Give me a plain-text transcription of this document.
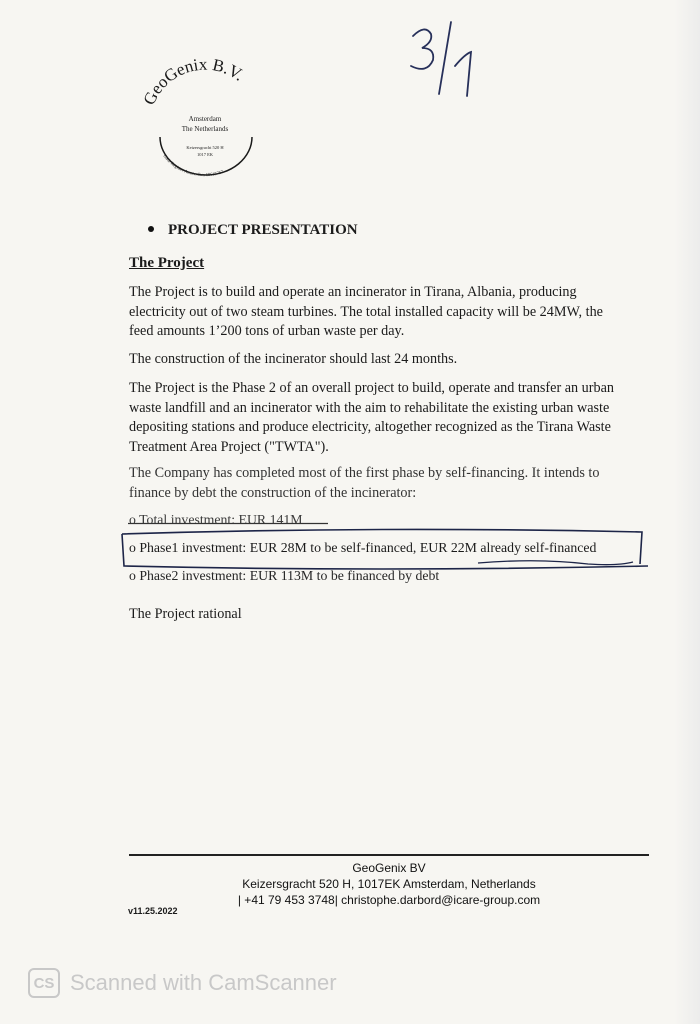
GeoGenix B.V.
Amsterdam
The Netherlands
Keizersgracht 520 H
1017 EK
Trade Register Amsterdam 68615757
PROJECT PRESENTATION
The Project
The Project is to build and operate an incinerator in Tirana, Albania, producing electricity out of two steam turbines. The total installed capacity will be 24MW, the feed amounts 1’200 tons of urban waste per day.
The construction of the incinerator should last 24 months.
The Project is the Phase 2 of an overall project to build, operate and transfer an urban waste landfill and an incinerator with the aim to rehabilitate the existing urban waste depositing stations and produce electricity, altogether recognized as the Tirana Waste Treatment Area Project ("TWTA").
The Company has completed most of the first phase by self-financing. It intends to finance by debt the construction of the incinerator:
o Total investment: EUR 141M
o Phase1 investment: EUR 28M to be self-financed, EUR 22M already self-financed
o Phase2 investment: EUR 113M to be financed by debt
The Project rational
GeoGenix BV
Keizersgracht 520 H, 1017EK Amsterdam, Netherlands
| +41 79 453 3748| christophe.darbord@icare-group.com
v11.25.2022
CS Scanned with CamScanner
